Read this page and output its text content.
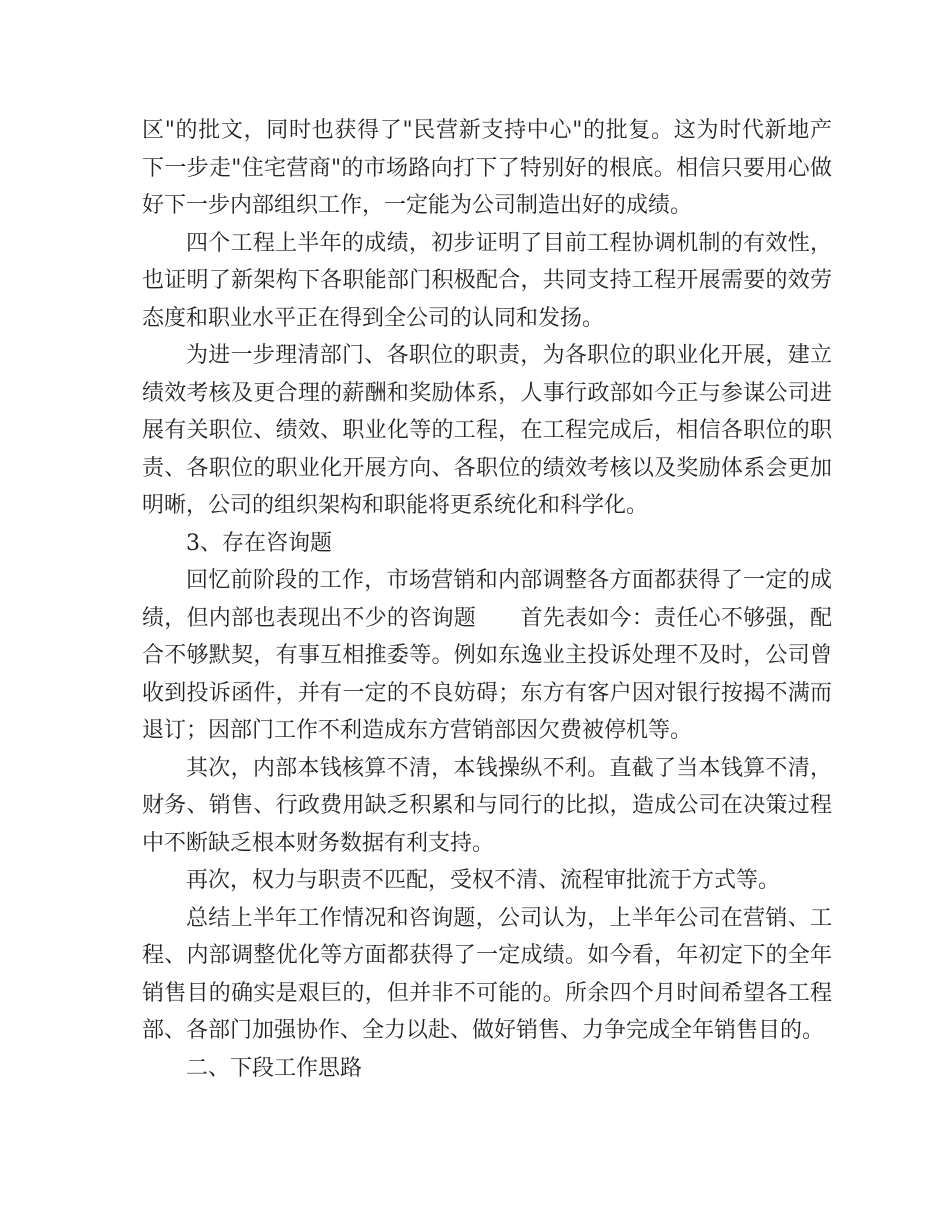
区"的批文，同时也获得了"民营新支持中心"的批复。这为时代新地产下一步走"住宅营商"的市场路向打下了特别好的根底。相信只要用心做好下一步内部组织工作，一定能为公司制造出好的成绩。

四个工程上半年的成绩，初步证明了目前工程协调机制的有效性，也证明了新架构下各职能部门积极配合，共同支持工程开展需要的效劳态度和职业水平正在得到全公司的认同和发扬。

为进一步理清部门、各职位的职责，为各职位的职业化开展，建立绩效考核及更合理的薪酬和奖励体系，人事行政部如今正与参谋公司进展有关职位、绩效、职业化等的工程，在工程完成后，相信各职位的职责、各职位的职业化开展方向、各职位的绩效考核以及奖励体系会更加明晰，公司的组织架构和职能将更系统化和科学化。

3、存在咨询题

回忆前阶段的工作，市场营销和内部调整各方面都获得了一定的成绩，但内部也表现出不少的咨询题　　首先表如今：责任心不够强，配合不够默契，有事互相推委等。例如东逸业主投诉处理不及时，公司曾收到投诉函件，并有一定的不良妨碍；东方有客户因对银行按揭不满而退订；因部门工作不利造成东方营销部因欠费被停机等。

其次，内部本钱核算不清，本钱操纵不利。直截了当本钱算不清，财务、销售、行政费用缺乏积累和与同行的比拟，造成公司在决策过程中不断缺乏根本财务数据有利支持。

再次，权力与职责不匹配，受权不清、流程审批流于方式等。

总结上半年工作情况和咨询题，公司认为，上半年公司在营销、工程、内部调整优化等方面都获得了一定成绩。如今看，年初定下的全年销售目的确实是艰巨的，但并非不可能的。所余四个月时间希望各工程部、各部门加强协作、全力以赴、做好销售、力争完成全年销售目的。

二、下段工作思路
